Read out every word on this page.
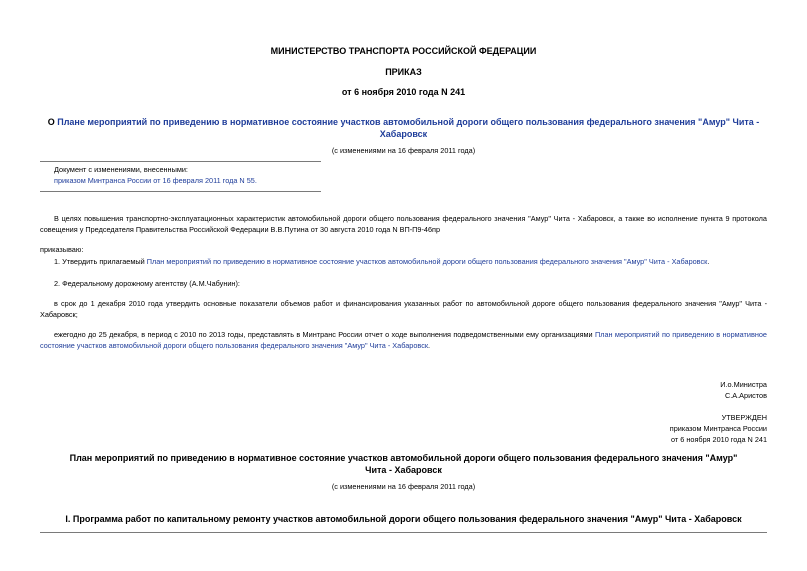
МИНИСТЕРСТВО ТРАНСПОРТА РОССИЙСКОЙ ФЕДЕРАЦИИ
ПРИКАЗ
от 6 ноября 2010 года N 241
О Плане мероприятий по приведению в нормативное состояние участков автомобильной дороги общего пользования федерального значения "Амур" Чита - Хабаровск
(с изменениями на 16 февраля 2011 года)
Документ с изменениями, внесенными:
приказом Минтранса России от 16 февраля 2011 года N 55.
В целях повышения транспортно-эксплуатационных характеристик автомобильной дороги общего пользования федерального значения "Амур" Чита - Хабаровск, а также во исполнение пункта 9 протокола совещения у Председателя Правительства Российской Федерации В.В.Путина от 30 августа 2010 года N ВП-П9-46пр
приказываю:
1. Утвердить прилагаемый План мероприятий по приведению в нормативное состояние участков автомобильной дороги общего пользования федерального значения "Амур" Чита - Хабаровск.
2. Федеральному дорожному агентству (А.М.Чабунин):
в срок до 1 декабря 2010 года утвердить основные показатели объемов работ и финансирования указанных работ по автомобильной дороге общего пользования федерального значения "Амур" Чита - Хабаровск;
ежегодно до 25 декабря, в период с 2010 по 2013 годы, представлять в Минтранс России отчет о ходе выполнения подведомственными ему организациями План мероприятий по приведению в нормативное состояние участков автомобильной дороги общего пользования федерального значения "Амур" Чита - Хабаровск.
И.о.Министра
С.А.Аристов
УТВЕРЖДЕН
приказом Минтранса России
от 6 ноября 2010 года N 241
План мероприятий по приведению в нормативное состояние участков автомобильной дороги общего пользования федерального значения "Амур" Чита - Хабаровск
(с изменениями на 16 февраля 2011 года)
I. Программа работ по капитальному ремонту участков автомобильной дороги общего пользования федерального значения "Амур" Чита - Хабаровск
